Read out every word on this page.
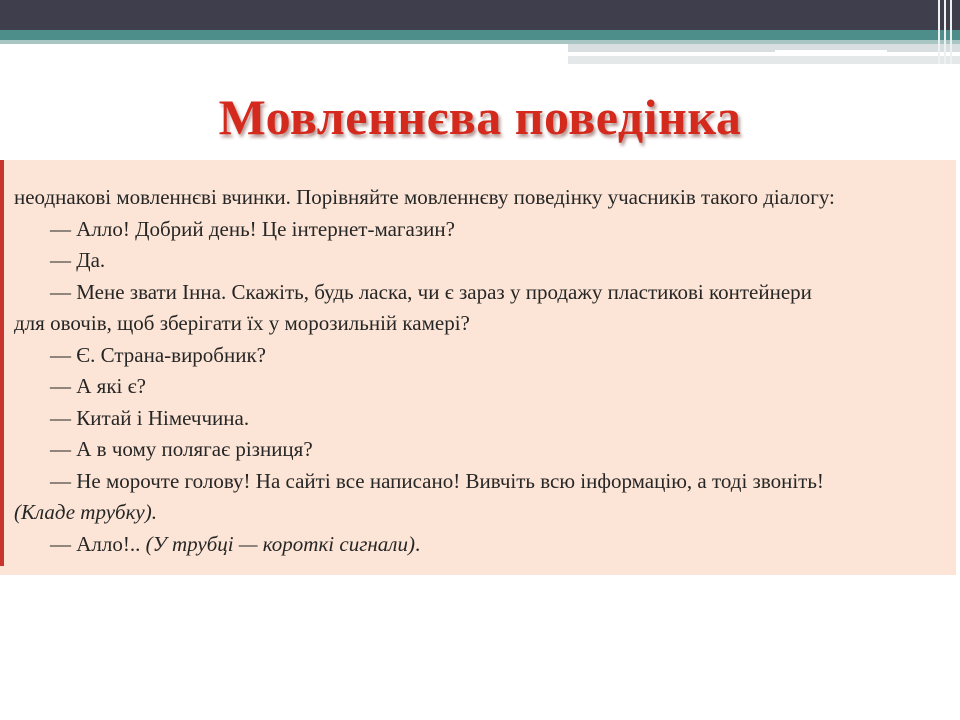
Мовленнєва поведінка

неоднакові мовленнєві вчинки. Порівняйте мовленнєву поведінку учасників такого діалогу:

— Алло! Добрий день! Це інтернет-магазин?

— Да.

— Мене звати Інна. Скажіть, будь ласка, чи є зараз у продажу пластикові контейнери

для овочів, щоб зберігати їх у морозильній камері?

— Є. Страна-виробник?

— А які є?

— Китай і Німеччина.

— А в чому полягає різниця?

— Не морочте голову! На сайті все написано! Вивчіть всю інформацію, а тоді звоніть!

(Кладе трубку).

— Алло!.. (У трубці — короткі сигнали).
